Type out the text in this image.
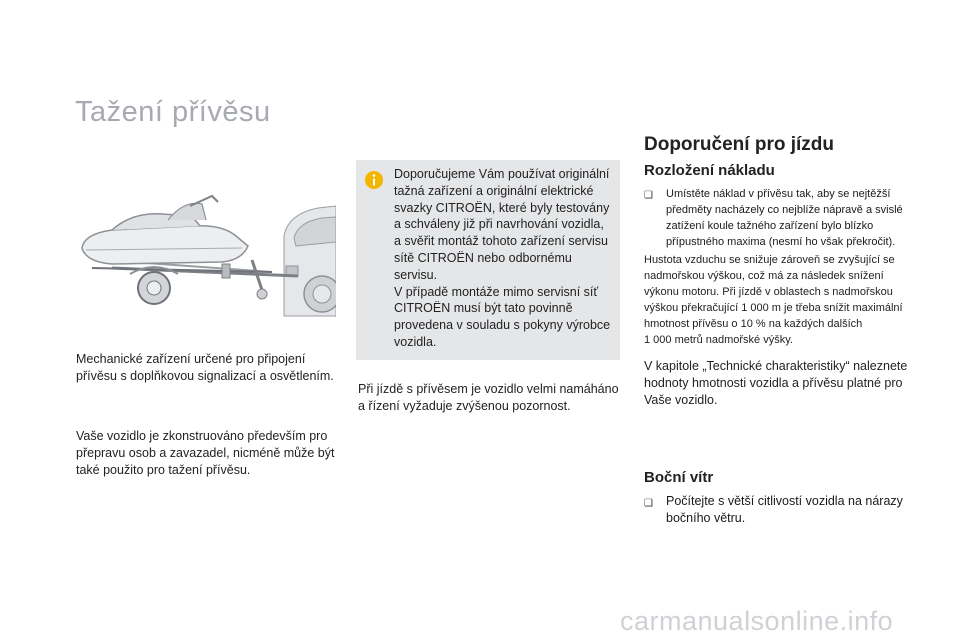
Tažení přívěsu
Mechanické zařízení určené pro připojení přívěsu s doplňkovou signalizací a osvětlením.
Vaše vozidlo je zkonstruováno především pro přepravu osob a zavazadel, nicméně může být také použito pro tažení přívěsu.
Doporučujeme Vám používat originální tažná zařízení a originální elektrické svazky CITROËN, které byly testovány a schváleny již při navrhování vozidla, a svěřit montáž tohoto zařízení servisu sítě CITROËN nebo odbornému servisu.
V případě montáže mimo servisní síť CITROËN musí být tato povinně provedena v souladu s pokyny výrobce vozidla.
Při jízdě s přívěsem je vozidlo velmi namáháno a řízení vyžaduje zvýšenou pozornost.
Doporučení pro jízdu
Rozložení nákladu
❏	Umístěte náklad v přívěsu tak, aby se nejtěžší předměty nacházely co nejblíže nápravě a svislé zatížení koule tažného zařízení bylo blízko přípustného maxima (nesmí ho však překročit).
Hustota vzduchu se snižuje zároveň se zvyšující se nadmořskou výškou, což má za následek snížení výkonu motoru. Při jízdě v oblastech s nadmořskou výškou překračující 1 000 m je třeba snížit maximální hmotnost přívěsu o 10 % na každých dalších
1 000 metrů nadmořské výšky.
V kapitole „Technické charakteristiky“ naleznete hodnoty hmotnosti vozidla a přívěsu platné pro Vaše vozidlo.
Boční vítr
❏	Počítejte s větší citlivostí vozidla na nárazy bočního větru.
carmanualsonline.info
